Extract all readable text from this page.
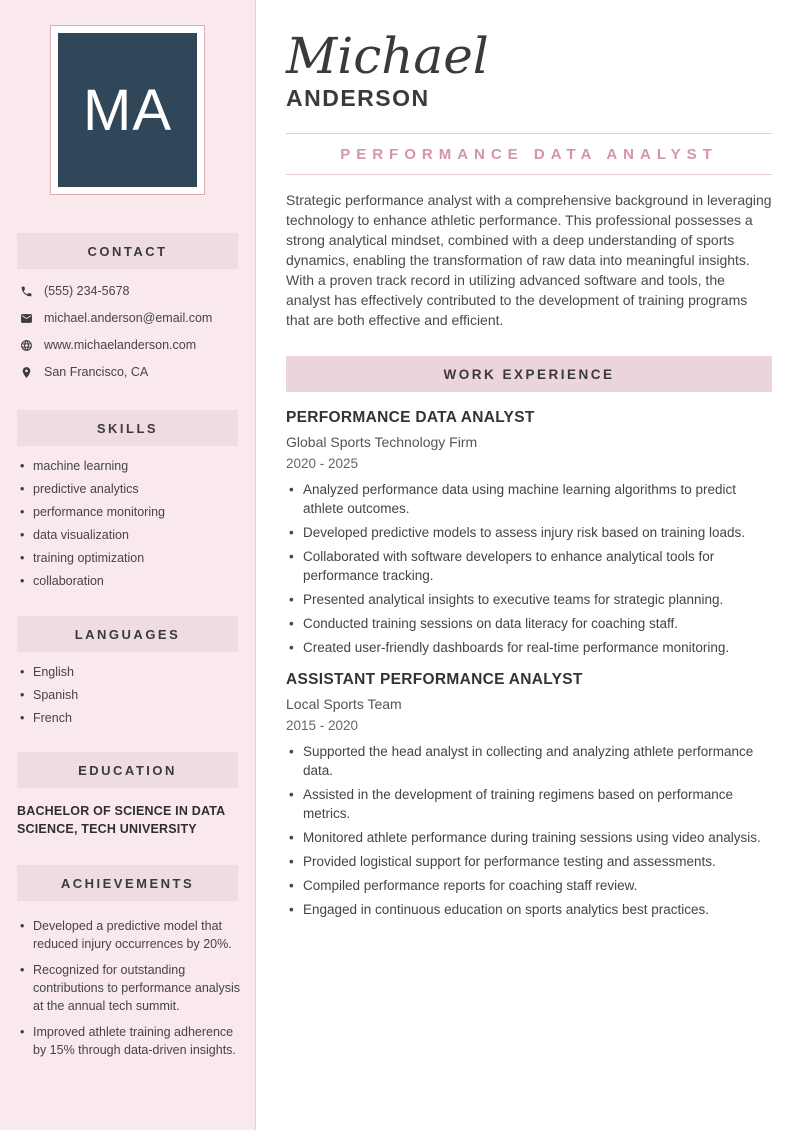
MA
CONTACT
(555) 234-5678
michael.anderson@email.com
www.michaelanderson.com
San Francisco, CA
SKILLS
• machine learning
• predictive analytics
• performance monitoring
• data visualization
• training optimization
• collaboration
LANGUAGES
• English
• Spanish
• French
EDUCATION
BACHELOR OF SCIENCE IN DATA SCIENCE, TECH UNIVERSITY
ACHIEVEMENTS
• Developed a predictive model that reduced injury occurrences by 20%.
• Recognized for outstanding contributions to performance analysis at the annual tech summit.
• Improved athlete training adherence by 15% through data-driven insights.
Michael
ANDERSON
PERFORMANCE DATA ANALYST

Strategic performance analyst with a comprehensive background in leveraging technology to enhance athletic performance. This professional possesses a strong analytical mindset, combined with a deep understanding of sports dynamics, enabling the transformation of raw data into meaningful insights. With a proven track record in utilizing advanced software and tools, the analyst has effectively contributed to the development of training programs that are both effective and efficient.

WORK EXPERIENCE
PERFORMANCE DATA ANALYST
Global Sports Technology Firm
2020 - 2025
• Analyzed performance data using machine learning algorithms to predict athlete outcomes.
• Developed predictive models to assess injury risk based on training loads.
• Collaborated with software developers to enhance analytical tools for performance tracking.
• Presented analytical insights to executive teams for strategic planning.
• Conducted training sessions on data literacy for coaching staff.
• Created user-friendly dashboards for real-time performance monitoring.
ASSISTANT PERFORMANCE ANALYST
Local Sports Team
2015 - 2020
• Supported the head analyst in collecting and analyzing athlete performance data.
• Assisted in the development of training regimens based on performance metrics.
• Monitored athlete performance during training sessions using video analysis.
• Provided logistical support for performance testing and assessments.
• Compiled performance reports for coaching staff review.
• Engaged in continuous education on sports analytics best practices.
